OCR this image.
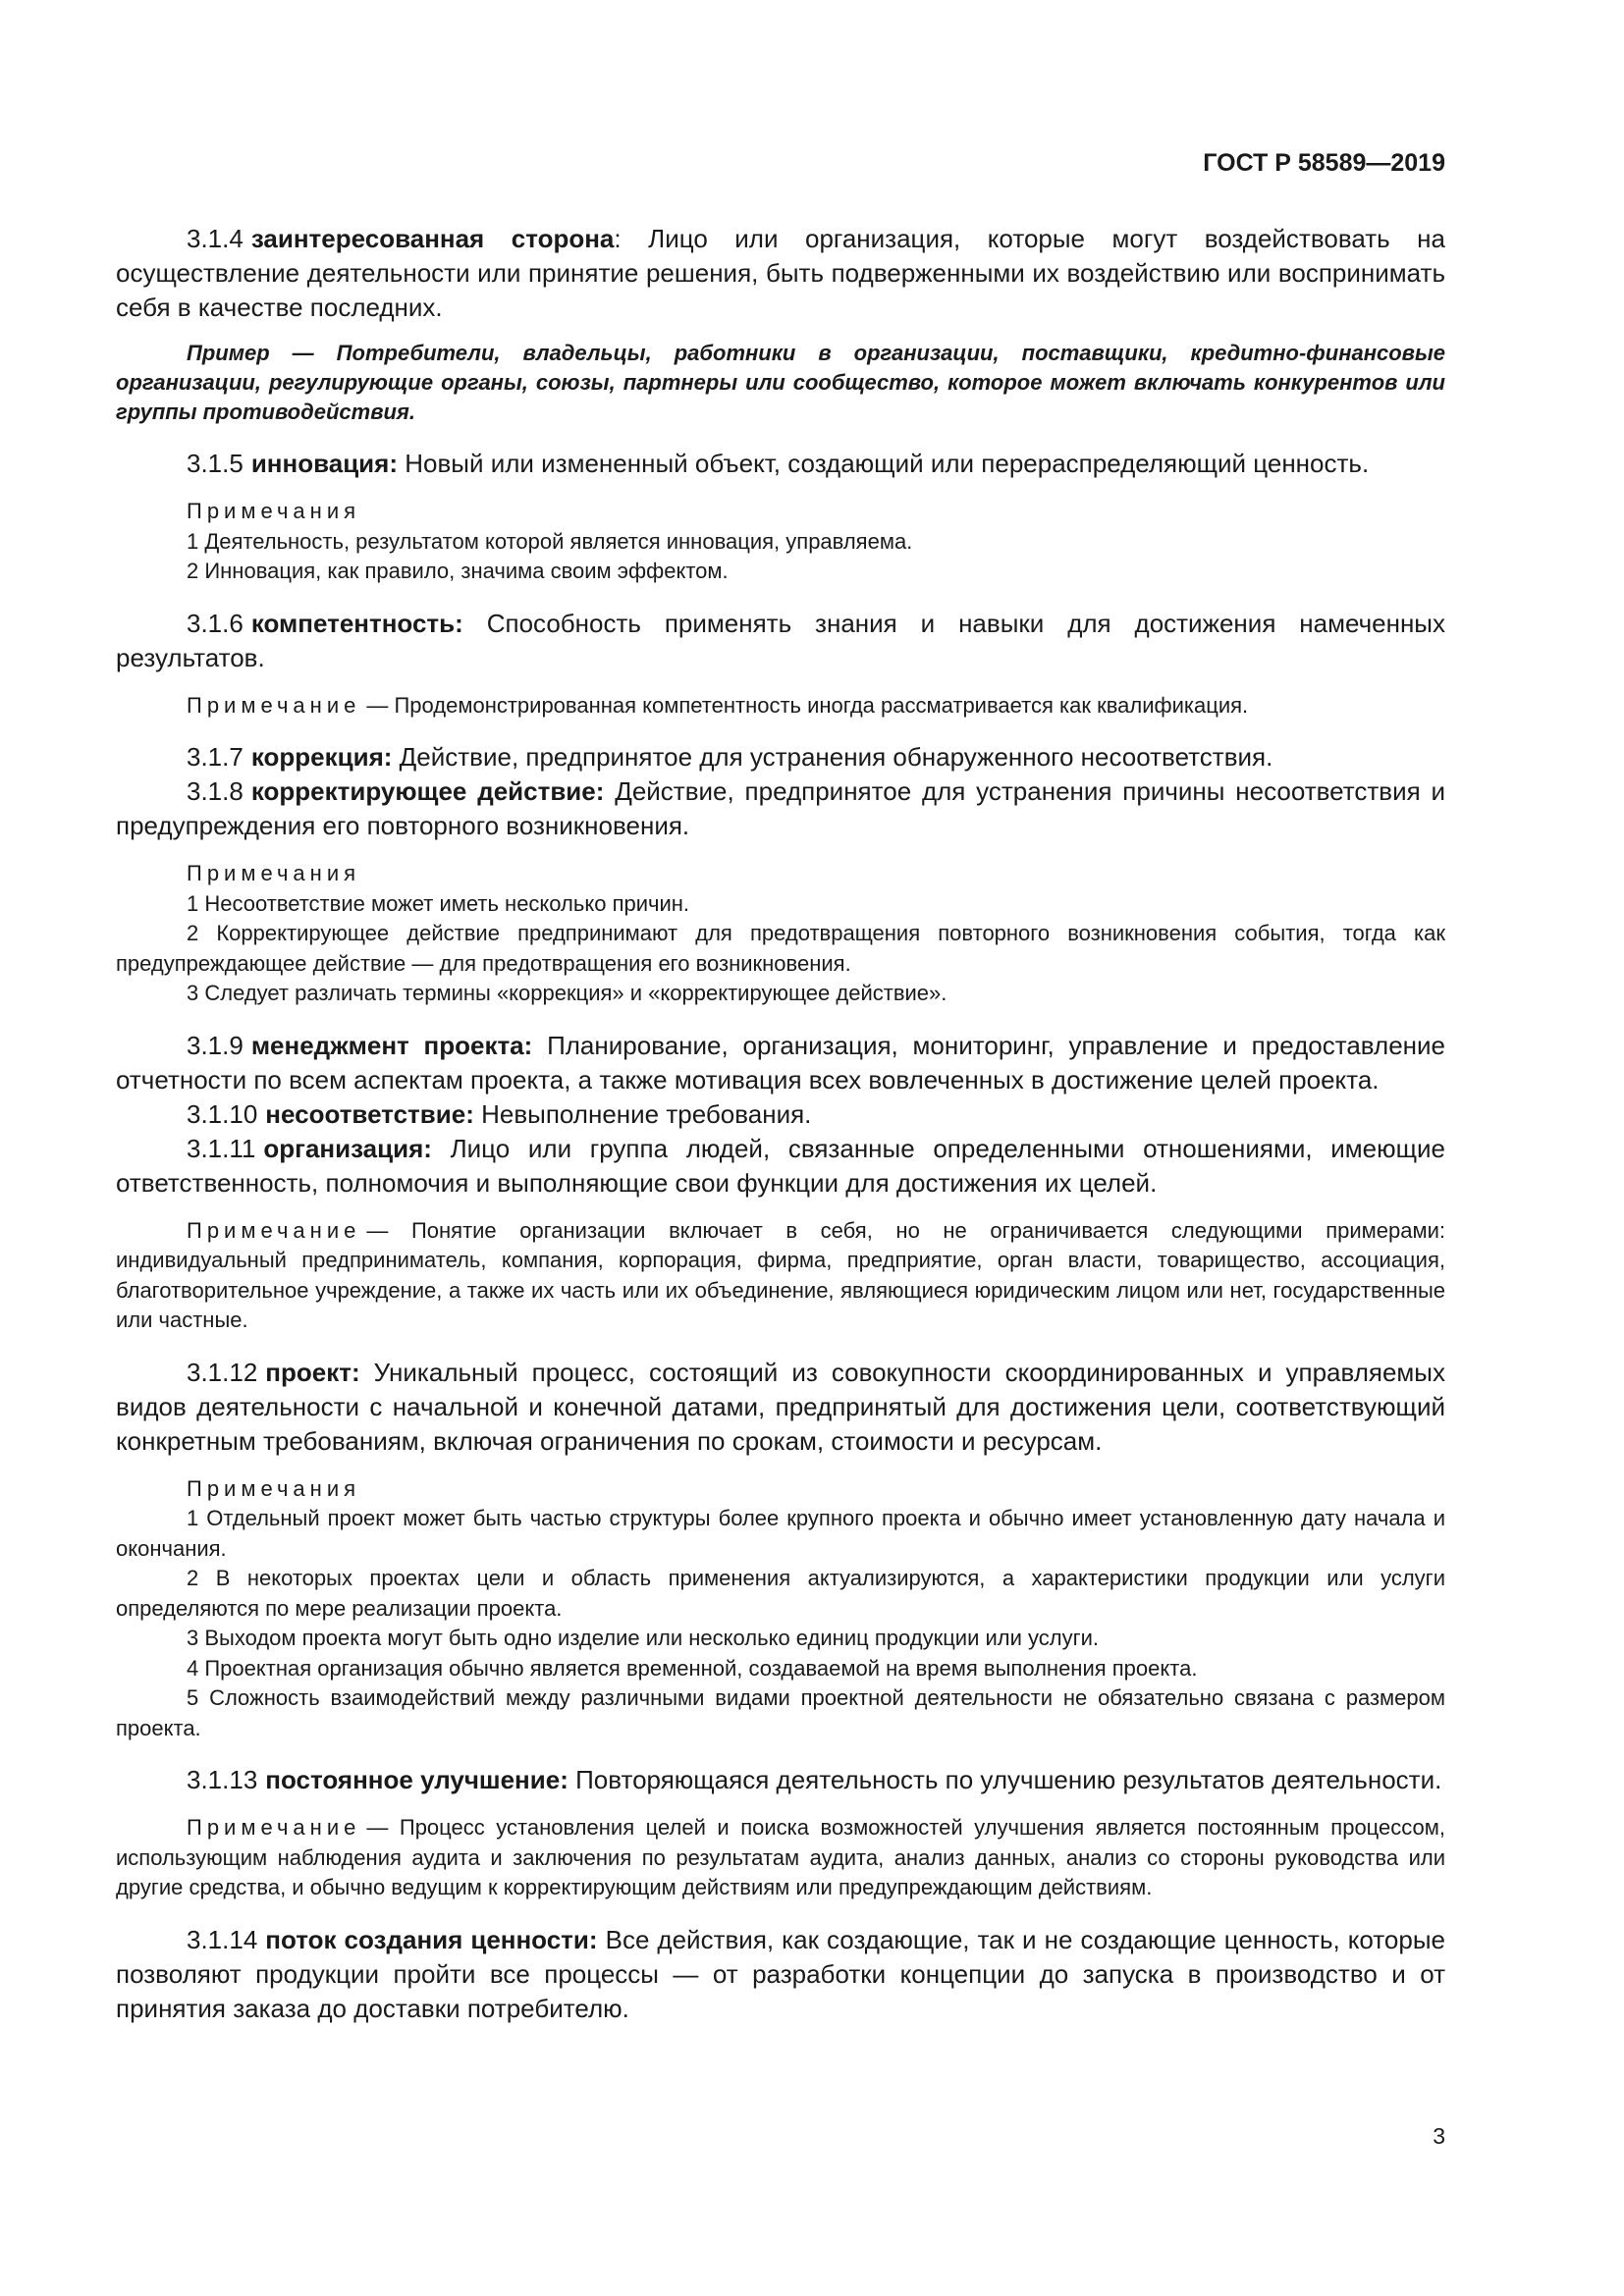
ГОСТ Р 58589—2019

3.1.4 заинтересованная сторона: Лицо или организация, которые могут воздействовать на осуществление деятельности или принятие решения, быть подверженными их воздействию или воспринимать себя в качестве последних.

Пример — Потребители, владельцы, работники в организации, поставщики, кредитно-финансовые организации, регулирующие органы, союзы, партнеры или сообщество, которое может включать конкурентов или группы противодействия.

3.1.5 инновация: Новый или измененный объект, создающий или перераспределяющий ценность.

Примечания
1 Деятельность, результатом которой является инновация, управляема.
2 Инновация, как правило, значима своим эффектом.

3.1.6 компетентность: Способность применять знания и навыки для достижения намеченных результатов.

Примечание — Продемонстрированная компетентность иногда рассматривается как квалификация.

3.1.7 коррекция: Действие, предпринятое для устранения обнаруженного несоответствия.

3.1.8 корректирующее действие: Действие, предпринятое для устранения причины несоответствия и предупреждения его повторного возникновения.

Примечания
1 Несоответствие может иметь несколько причин.
2 Корректирующее действие предпринимают для предотвращения повторного возникновения события, тогда как предупреждающее действие — для предотвращения его возникновения.
3 Следует различать термины «коррекция» и «корректирующее действие».

3.1.9 менеджмент проекта: Планирование, организация, мониторинг, управление и предоставление отчетности по всем аспектам проекта, а также мотивация всех вовлеченных в достижение целей проекта.

3.1.10 несоответствие: Невыполнение требования.

3.1.11 организация: Лицо или группа людей, связанные определенными отношениями, имеющие ответственность, полномочия и выполняющие свои функции для достижения их целей.

Примечание — Понятие организации включает в себя, но не ограничивается следующими примерами: индивидуальный предприниматель, компания, корпорация, фирма, предприятие, орган власти, товарищество, ассоциация, благотворительное учреждение, а также их часть или их объединение, являющиеся юридическим лицом или нет, государственные или частные.

3.1.12 проект: Уникальный процесс, состоящий из совокупности скоординированных и управляемых видов деятельности с начальной и конечной датами, предпринятый для достижения цели, соответствующий конкретным требованиям, включая ограничения по срокам, стоимости и ресурсам.

Примечания
1 Отдельный проект может быть частью структуры более крупного проекта и обычно имеет установленную дату начала и окончания.
2 В некоторых проектах цели и область применения актуализируются, а характеристики продукции или услуги определяются по мере реализации проекта.
3 Выходом проекта могут быть одно изделие или несколько единиц продукции или услуги.
4 Проектная организация обычно является временной, создаваемой на время выполнения проекта.
5 Сложность взаимодействий между различными видами проектной деятельности не обязательно связана с размером проекта.

3.1.13 постоянное улучшение: Повторяющаяся деятельность по улучшению результатов деятельности.

Примечание — Процесс установления целей и поиска возможностей улучшения является постоянным процессом, использующим наблюдения аудита и заключения по результатам аудита, анализ данных, анализ со стороны руководства или другие средства, и обычно ведущим к корректирующим действиям или предупреждающим действиям.

3.1.14 поток создания ценности: Все действия, как создающие, так и не создающие ценность, которые позволяют продукции пройти все процессы — от разработки концепции до запуска в производство и от принятия заказа до доставки потребителю.

3
